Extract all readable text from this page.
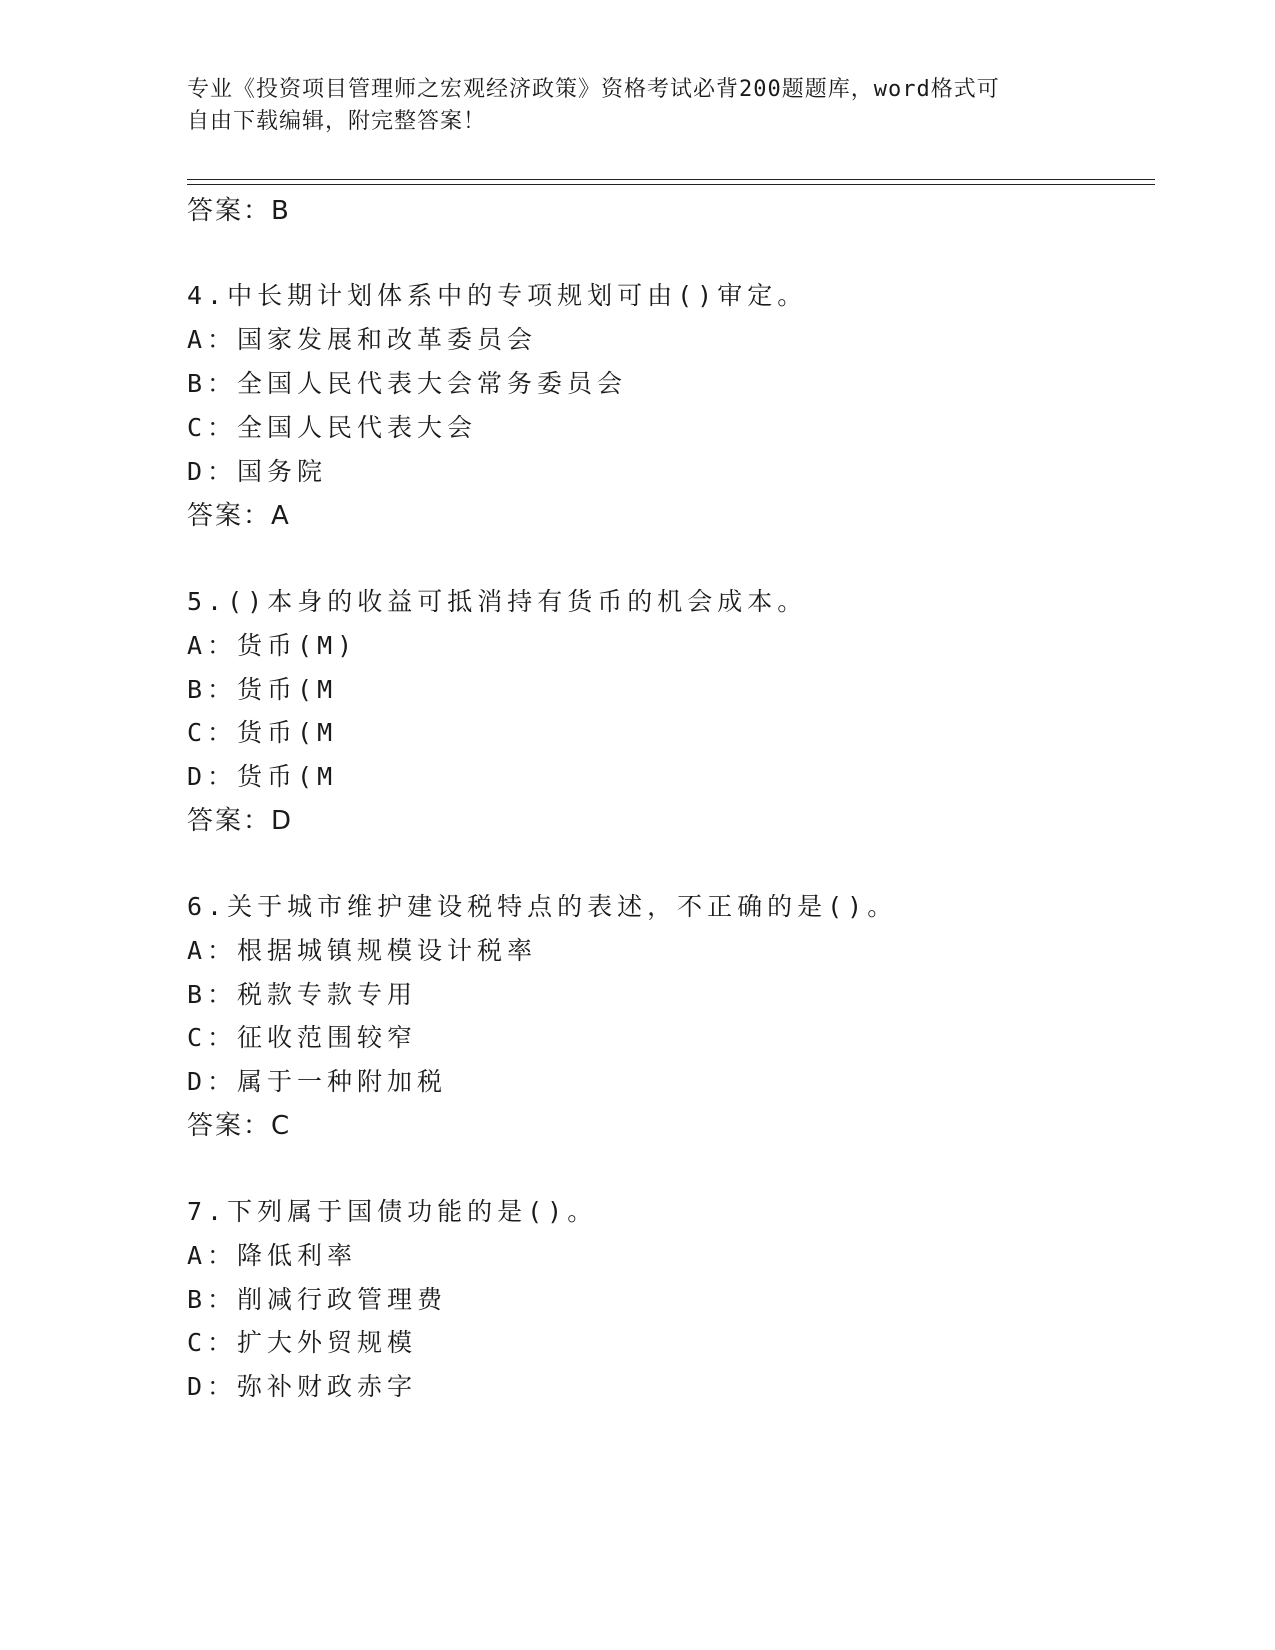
专业《投资项目管理师之宏观经济政策》资格考试必背200题题库，word格式可
自由下载编辑，附完整答案！
答案：B
4.中长期计划体系中的专项规划可由()审定。
A：国家发展和改革委员会
B：全国人民代表大会常务委员会
C：全国人民代表大会
D：国务院
答案：A
5.()本身的收益可抵消持有货币的机会成本。
A：货币(M)
B：货币(M
C：货币(M
D：货币(M
答案：D
6.关于城市维护建设税特点的表述，不正确的是()。
A：根据城镇规模设计税率
B：税款专款专用
C：征收范围较窄
D：属于一种附加税
答案：C
7.下列属于国债功能的是()。
A：降低利率
B：削减行政管理费
C：扩大外贸规模
D：弥补财政赤字
